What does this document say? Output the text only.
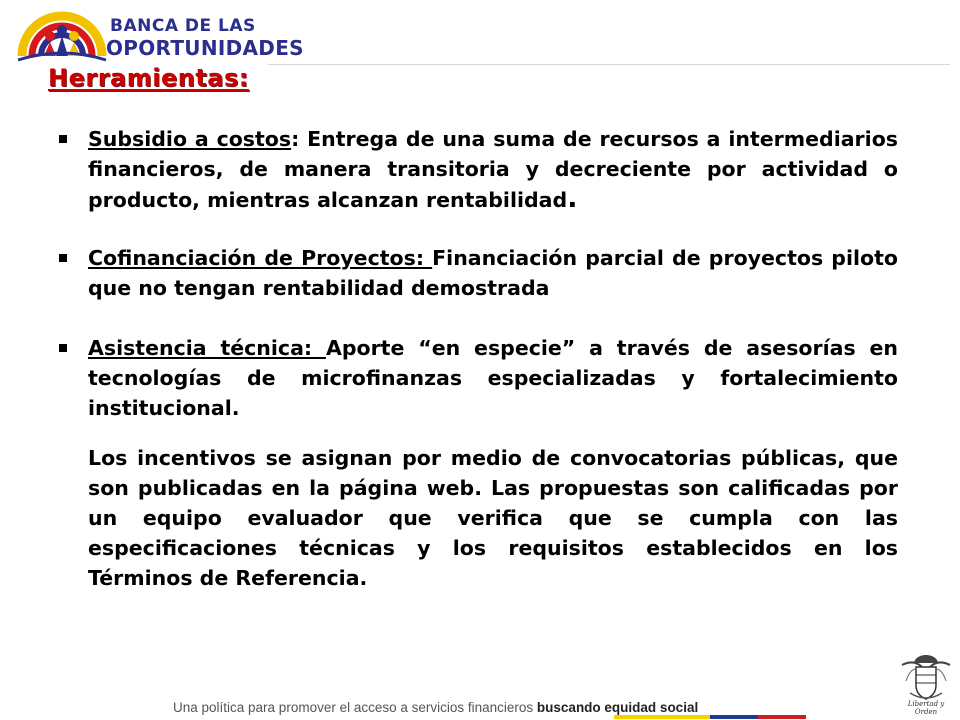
BANCA DE LAS
OPORTUNIDADES
Herramientas:
Subsidio a costos: Entrega de una suma de recursos a intermediarios financieros, de manera transitoria y decreciente por actividad o producto, mientras alcanzan rentabilidad.
Cofinanciación de Proyectos: Financiación parcial de proyectos piloto que no tengan rentabilidad demostrada
Asistencia técnica: Aporte “en especie” a través de asesorías en tecnologías de microfinanzas especializadas y fortalecimiento institucional.
Los incentivos se asignan por medio de convocatorias públicas, que son publicadas en la página web. Las propuestas son calificadas por un equipo evaluador que verifica que se cumpla con las especificaciones técnicas y los requisitos establecidos en los Términos de Referencia.
Una política para promover el acceso a servicios financieros buscando equidad social	Libertad y Orden
